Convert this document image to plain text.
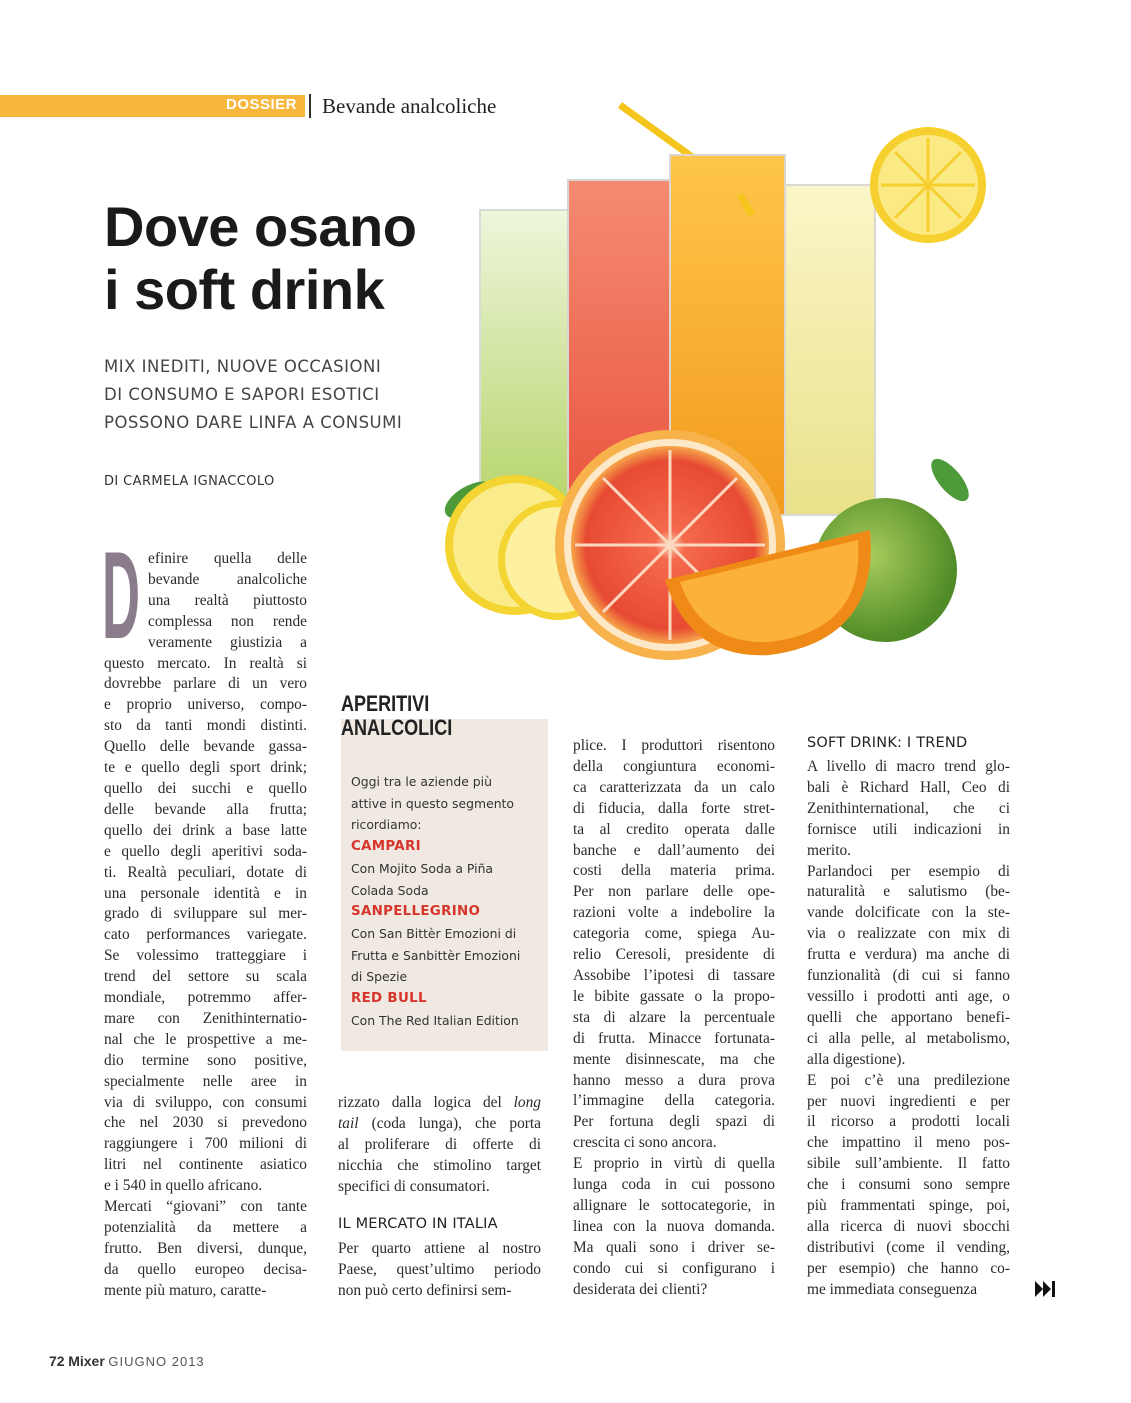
DOSSIER Bevande analcoliche
Dove osano
i soft drink
MIX INEDITI, NUOVE OCCASIONI
DI CONSUMO E SAPORI ESOTICI
POSSONO DARE LINFA A CONSUMI
DI CARMELA IGNACCOLO
D efinire quella delle
bevande analcoliche
una realtà piuttosto
complessa non rende
veramente giustizia a
questo mercato. In realtà si
dovrebbe parlare di un vero
e proprio universo, compo-
sto da tanti mondi distinti.
Quello delle bevande gassa-
te e quello degli sport drink;
quello dei succhi e quello
delle bevande alla frutta;
quello dei drink a base latte
e quello degli aperitivi soda-
ti. Realtà peculiari, dotate di
una personale identità e in
grado di sviluppare sul mer-
cato performances variegate.
Se volessimo tratteggiare i
trend del settore su scala
mondiale, potremmo affer-
mare con Zenithinternatio-
nal che le prospettive a me-
dio termine sono positive,
specialmente nelle aree in
via di sviluppo, con consumi
che nel 2030 si prevedono
raggiungere i 700 milioni di
litri nel continente asiatico
e i 540 in quello africano.
Mercati “giovani” con tante
potenzialità da mettere a
frutto. Ben diversi, dunque,
da quello europeo decisa-
mente più maturo, caratte-
APERITIVI
ANALCOLICI
Oggi tra le aziende più
attive in questo segmento
ricordiamo:
CAMPARI
Con Mojito Soda a Piña
Colada Soda
SANPELLEGRINO
Con San Bittèr Emozioni di
Frutta e Sanbittèr Emozioni
di Spezie
RED BULL
Con The Red Italian Edition
rizzato dalla logica del long
tail (coda lunga), che porta
al proliferare di offerte di
nicchia che stimolino target
specifici di consumatori.
IL MERCATO IN ITALIA
Per quarto attiene al nostro
Paese, quest’ultimo periodo
non può certo definirsi sem-
plice. I produttori risentono
della congiuntura economi-
ca caratterizzata da un calo
di fiducia, dalla forte stret-
ta al credito operata dalle
banche e dall’aumento dei
costi della materia prima.
Per non parlare delle ope-
razioni volte a indebolire la
categoria come, spiega Au-
relio Ceresoli, presidente di
Assobibe l’ipotesi di tassare
le bibite gassate o la propo-
sta di alzare la percentuale
di frutta. Minacce fortunata-
mente disinnescate, ma che
hanno messo a dura prova
l’immagine della categoria.
Per fortuna degli spazi di
crescita ci sono ancora.
E proprio in virtù di quella
lunga coda in cui possono
allignare le sottocategorie, in
linea con la nuova domanda.
Ma quali sono i driver se-
condo cui si configurano i
desiderata dei clienti?
SOFT DRINK: I TREND
A livello di macro trend glo-
bali è Richard Hall, Ceo di
Zenithinternational, che ci
fornisce utili indicazioni in
merito.
Parlandoci per esempio di
naturalità e salutismo (be-
vande dolcificate con la ste-
via o realizzate con mix di
frutta e verdura) ma anche di
funzionalità (di cui si fanno
vessillo i prodotti anti age, o
quelli che apportano benefi-
ci alla pelle, al metabolismo,
alla digestione).
E poi c’è una predilezione
per nuovi ingredienti e per
il ricorso a prodotti locali
che impattino il meno pos-
sibile sull’ambiente. Il fatto
che i consumi sono sempre
più frammentati spinge, poi,
alla ricerca di nuovi sbocchi
distributivi (come il vending,
per esempio) che hanno co-
me immediata conseguenza
72 Mixer GIUGNO 2013
